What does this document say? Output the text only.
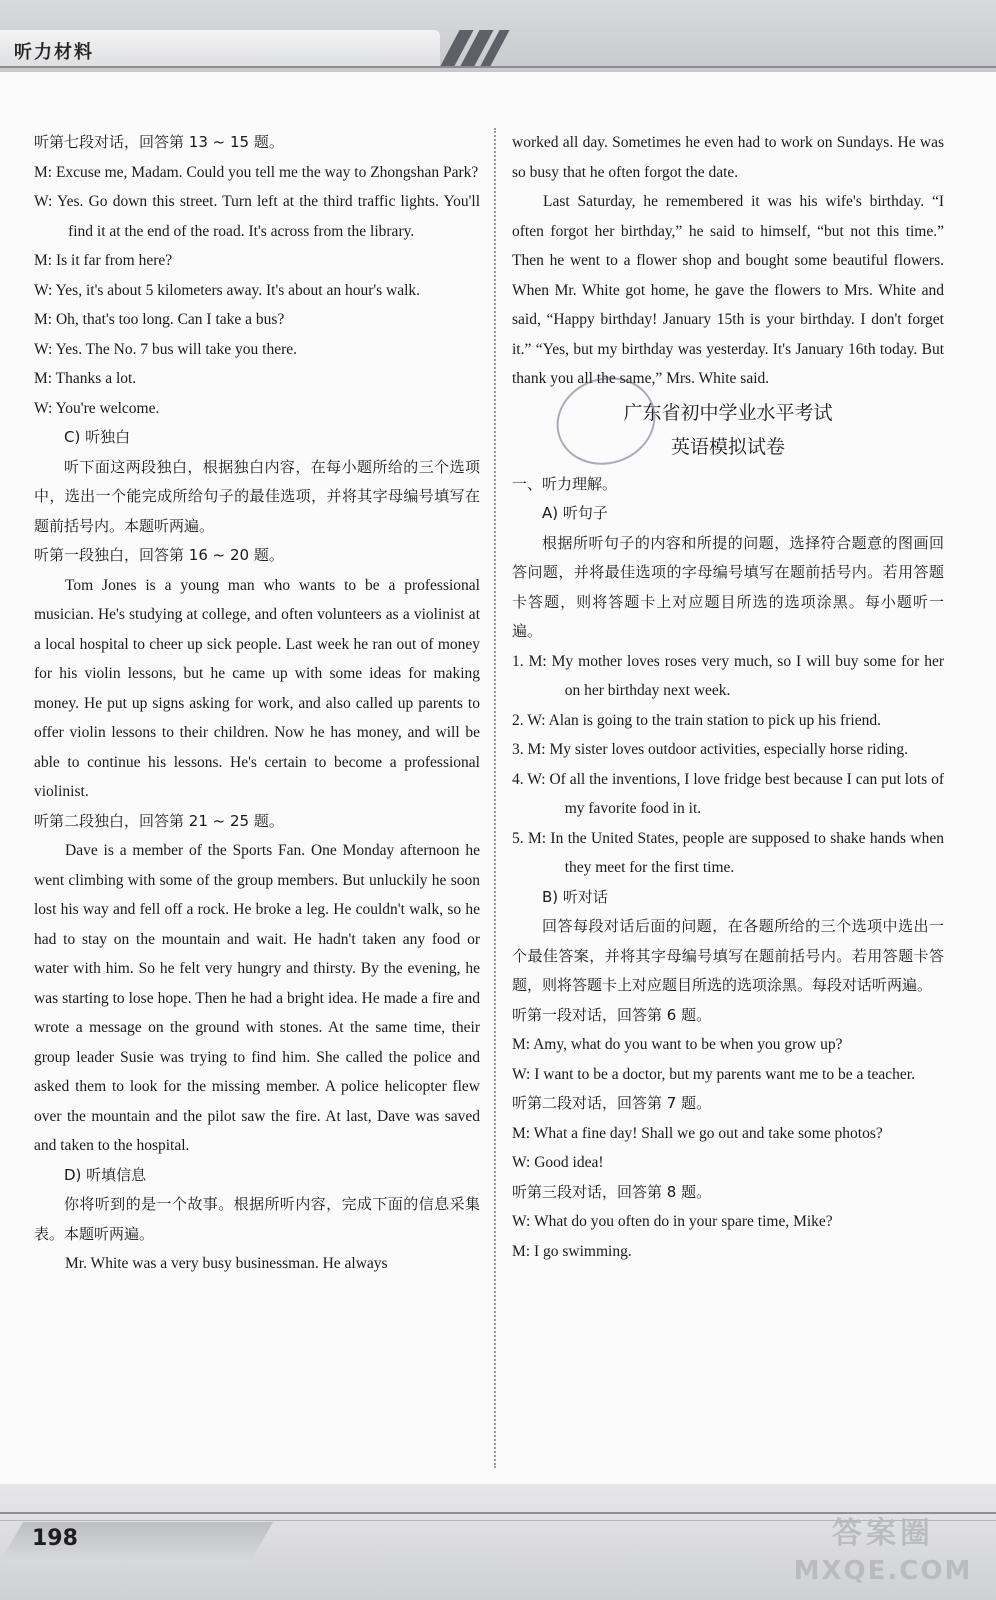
听力材料

听第七段对话，回答第 13 ~ 15 题。

M: Excuse me, Madam. Could you tell me the way to Zhongshan Park?

W: Yes. Go down this street. Turn left at the third traffic lights. You'll find it at the end of the road. It's across from the library.

M: Is it far from here?

W: Yes, it's about 5 kilometers away. It's about an hour's walk.

M: Oh, that's too long. Can I take a bus?

W: Yes. The No. 7 bus will take you there.

M: Thanks a lot.

W: You're welcome.

C) 听独白

听下面这两段独白，根据独白内容，在每小题所给的三个选项中，选出一个能完成所给句子的最佳选项，并将其字母编号填写在题前括号内。本题听两遍。

听第一段独白，回答第 16 ~ 20 题。

Tom Jones is a young man who wants to be a professional musician. He's studying at college, and often volunteers as a violinist at a local hospital to cheer up sick people. Last week he ran out of money for his violin lessons, but he came up with some ideas for making money. He put up signs asking for work, and also called up parents to offer violin lessons to their children. Now he has money, and will be able to continue his lessons. He's certain to become a professional violinist.

听第二段独白，回答第 21 ~ 25 题。

Dave is a member of the Sports Fan. One Monday afternoon he went climbing with some of the group members. But unluckily he soon lost his way and fell off a rock. He broke a leg. He couldn't walk, so he had to stay on the mountain and wait. He hadn't taken any food or water with him. So he felt very hungry and thirsty. By the evening, he was starting to lose hope. Then he had a bright idea. He made a fire and wrote a message on the ground with stones. At the same time, their group leader Susie was trying to find him. She called the police and asked them to look for the missing member. A police helicopter flew over the mountain and the pilot saw the fire. At last, Dave was saved and taken to the hospital.

D) 听填信息

你将听到的是一个故事。根据所听内容，完成下面的信息采集表。本题听两遍。

Mr. White was a very busy businessman. He always

worked all day. Sometimes he even had to work on Sundays. He was so busy that he often forgot the date.

Last Saturday, he remembered it was his wife's birthday. “I often forgot her birthday,” he said to himself, “but not this time.” Then he went to a flower shop and bought some beautiful flowers. When Mr. White got home, he gave the flowers to Mrs. White and said, “Happy birthday! January 15th is your birthday. I don't forget it.” “Yes, but my birthday was yesterday. It's January 16th today. But thank you all the same,” Mrs. White said.

广东省初中学业水平考试
英语模拟试卷

一、听力理解。

A) 听句子

根据所听句子的内容和所提的问题，选择符合题意的图画回答问题，并将最佳选项的字母编号填写在题前括号内。若用答题卡答题，则将答题卡上对应题目所选的选项涂黑。每小题听一遍。

1. M: My mother loves roses very much, so I will buy some for her on her birthday next week.

2. W: Alan is going to the train station to pick up his friend.

3. M: My sister loves outdoor activities, especially horse riding.

4. W: Of all the inventions, I love fridge best because I can put lots of my favorite food in it.

5. M: In the United States, people are supposed to shake hands when they meet for the first time.

B) 听对话

回答每段对话后面的问题，在各题所给的三个选项中选出一个最佳答案，并将其字母编号填写在题前括号内。若用答题卡答题，则将答题卡上对应题目所选的选项涂黑。每段对话听两遍。

听第一段对话，回答第 6 题。

M: Amy, what do you want to be when you grow up?

W: I want to be a doctor, but my parents want me to be a teacher.

听第二段对话，回答第 7 题。

M: What a fine day! Shall we go out and take some photos?

W: Good idea!

听第三段对话，回答第 8 题。

W: What do you often do in your spare time, Mike?

M: I go swimming.

198	答案圈
MXQE.COM
